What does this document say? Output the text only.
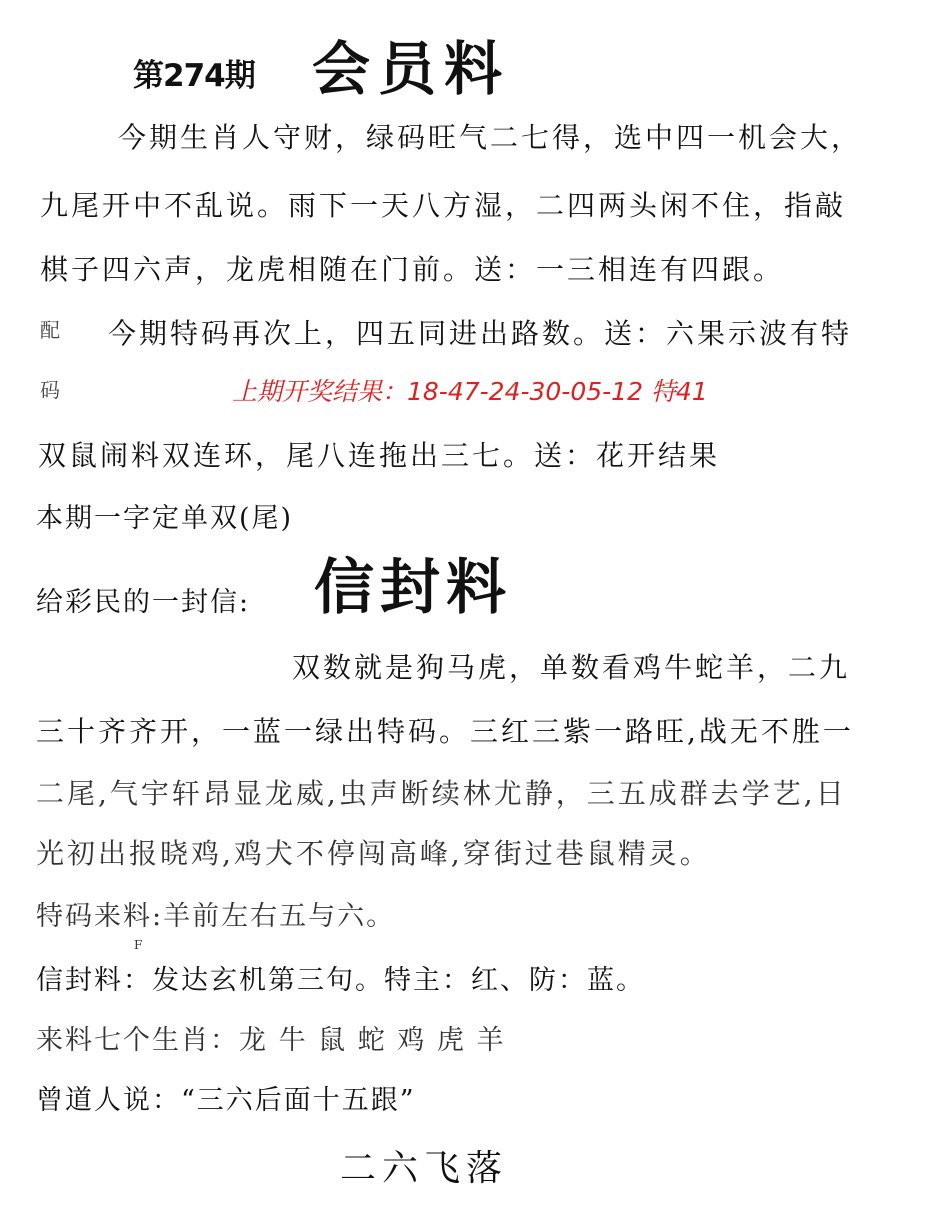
第274期 会员料
今期生肖人守财，绿码旺气二七得，选中四一机会大，
九尾开中不乱说。雨下一天八方湿，二四两头闲不住，指敲
棋子四六声，龙虎相随在门前。送：一三相连有四跟。
配 今期特码再次上，四五同进出路数。送：六果示波有特
码	上期开奖结果：18-47-24-30-05-12 特41
双鼠闹料双连环，尾八连拖出三七。送：花开结果
本期一字定单双(尾)
给彩民的一封信: 信封料
双数就是狗马虎，单数看鸡牛蛇羊，二九
三十齐齐开，一蓝一绿出特码。三红三紫一路旺,战无不胜一
二尾,气宇轩昂显龙威,虫声断续林尤静，三五成群去学艺,日
光初出报晓鸡,鸡犬不停闯高峰,穿街过巷鼠精灵。
特码来料:羊前左右五与六。
F
信封料：发达玄机第三句。特主：红、防：蓝。
来料七个生肖：龙 牛 鼠 蛇 鸡 虎 羊
曾道人说：“三六后面十五跟”
二六飞落
